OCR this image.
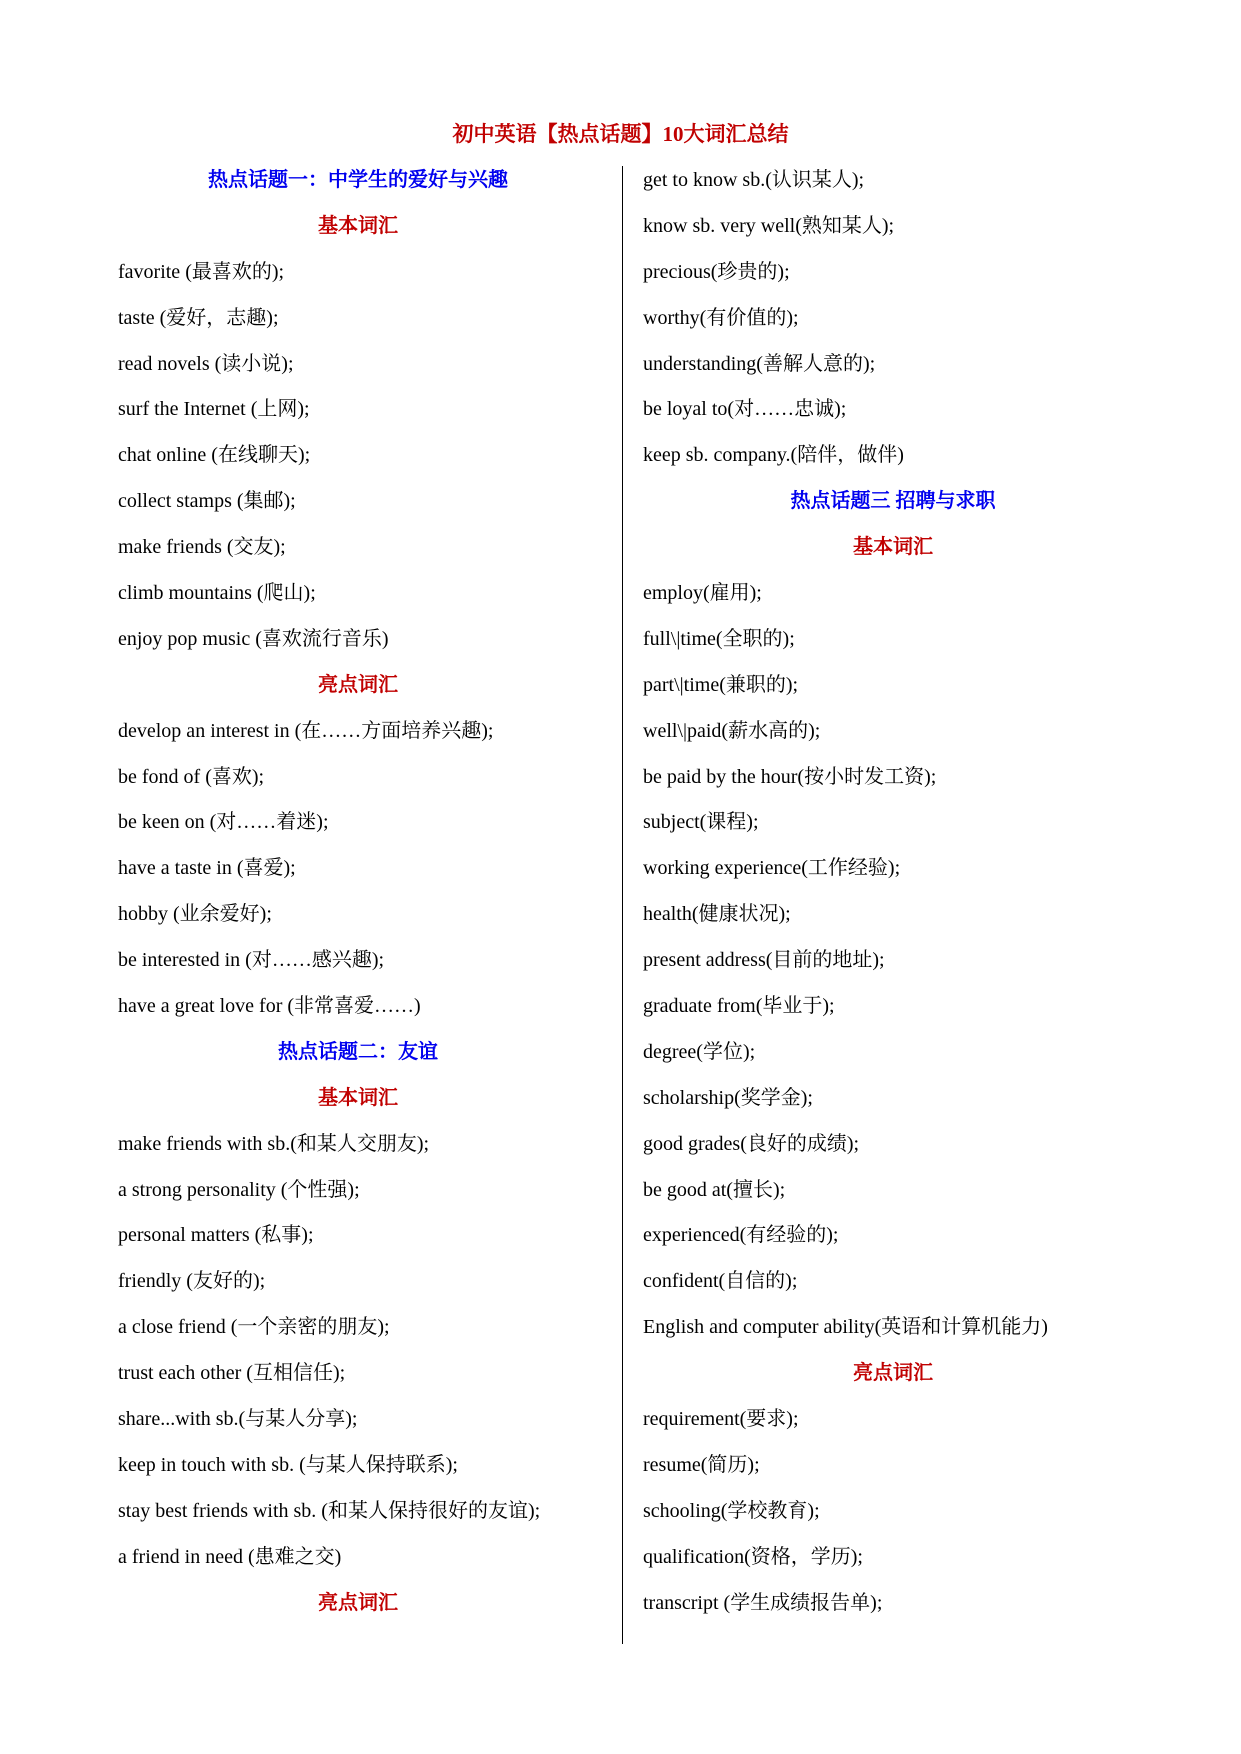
初中英语【热点话题】10大词汇总结
热点话题一：中学生的爱好与兴趣
基本词汇
favorite (最喜欢的);
taste (爱好，志趣);
read novels (读小说);
surf the Internet (上网);
chat online (在线聊天);
collect stamps (集邮);
make friends (交友);
climb mountains (爬山);
enjoy pop music (喜欢流行音乐)
亮点词汇
develop an interest in (在……方面培养兴趣);
be fond of (喜欢);
be keen on (对……着迷);
have a taste in (喜爱);
hobby (业余爱好);
be interested in (对……感兴趣);
have a great love for (非常喜爱……)
热点话题二：友谊
基本词汇
make friends with sb.(和某人交朋友);
a strong personality (个性强);
personal matters (私事);
friendly (友好的);
a close friend (一个亲密的朋友);
trust each other (互相信任);
share...with sb.(与某人分享);
keep in touch with sb. (与某人保持联系);
stay best friends with sb. (和某人保持很好的友谊);
a friend in need (患难之交)
亮点词汇
get to know sb.(认识某人);
know sb. very well(熟知某人);
precious(珍贵的);
worthy(有价值的);
understanding(善解人意的);
be loyal to(对……忠诚);
keep sb. company.(陪伴，做伴)
热点话题三 招聘与求职
基本词汇
employ(雇用);
full\|time(全职的);
part\|time(兼职的);
well\|paid(薪水高的);
be paid by the hour(按小时发工资);
subject(课程);
working experience(工作经验);
health(健康状况);
present address(目前的地址);
graduate from(毕业于);
degree(学位);
scholarship(奖学金);
good grades(良好的成绩);
be good at(擅长);
experienced(有经验的);
confident(自信的);
English and computer ability(英语和计算机能力)
亮点词汇
requirement(要求);
resume(简历);
schooling(学校教育);
qualification(资格，学历);
transcript (学生成绩报告单);
